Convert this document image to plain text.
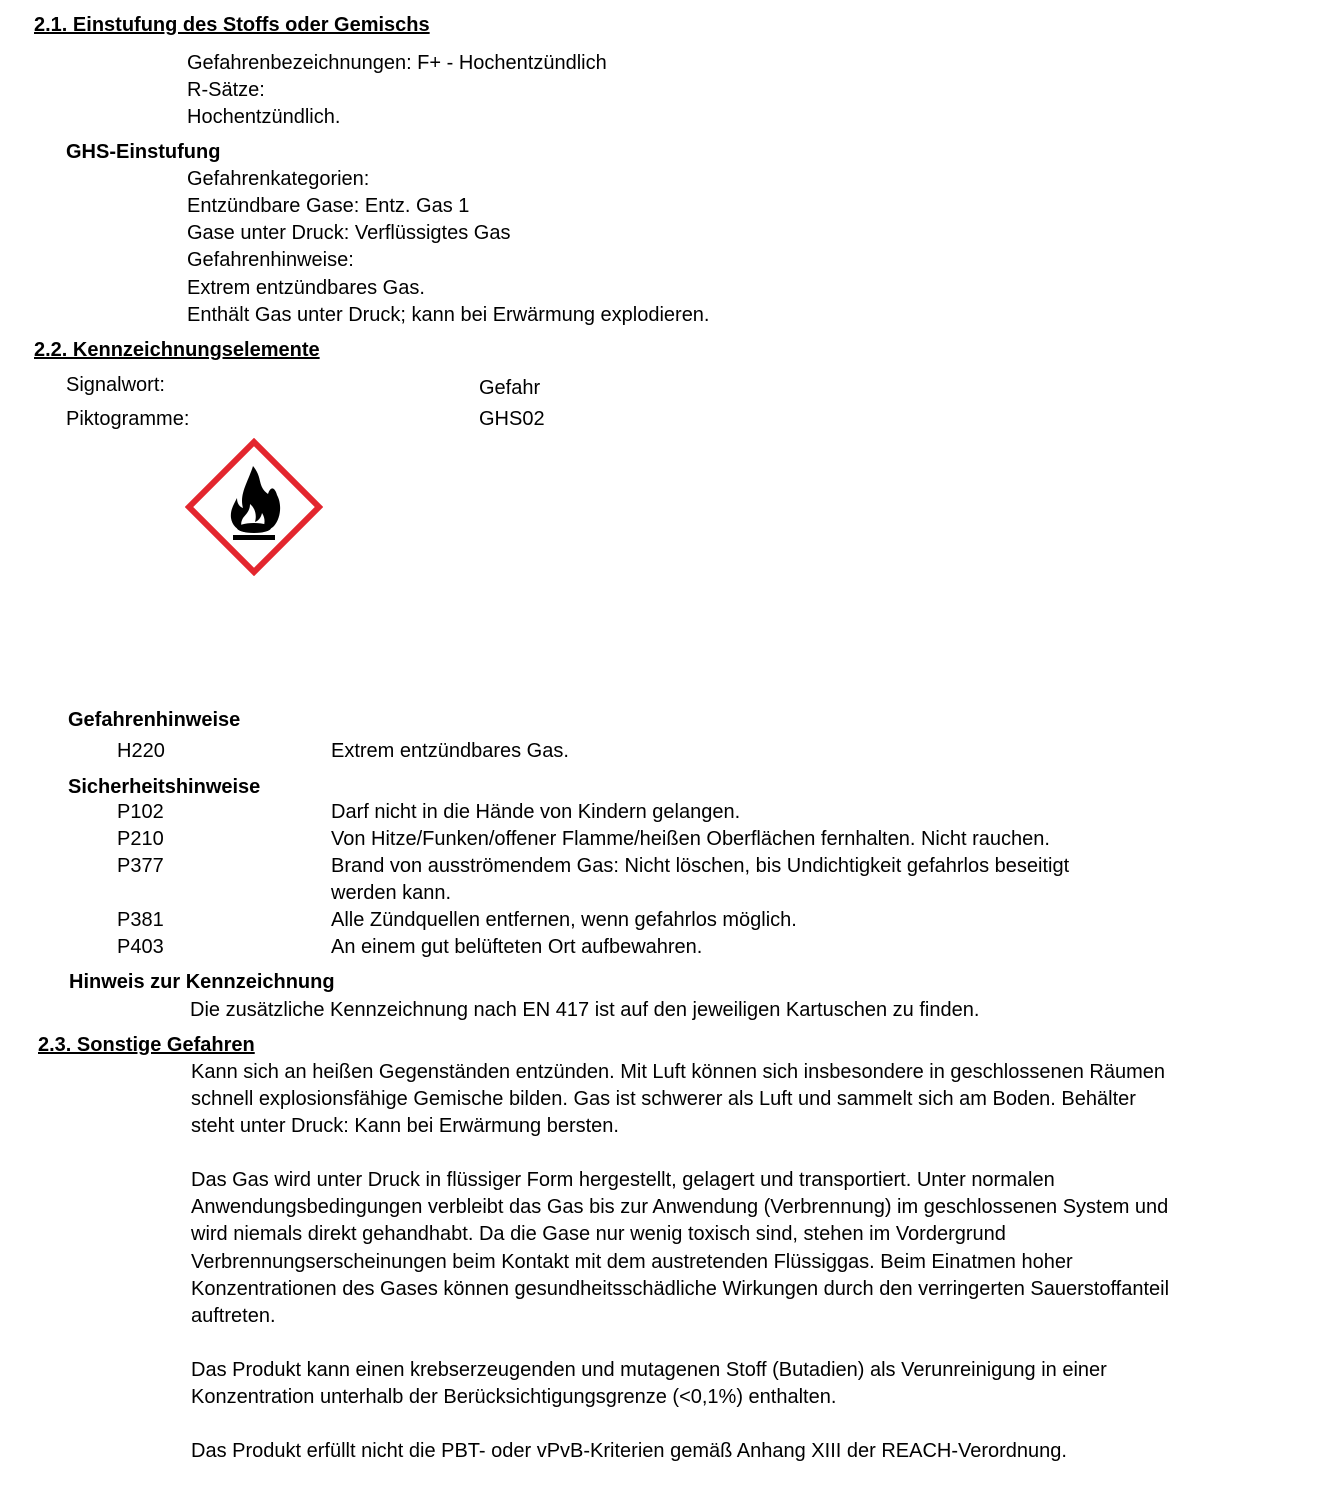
2.1. Einstufung des Stoffs oder Gemischs
Gefahrenbezeichnungen: F+ - Hochentzündlich
R-Sätze:
Hochentzündlich.
GHS-Einstufung
Gefahrenkategorien:
Entzündbare Gase: Entz. Gas 1
Gase unter Druck: Verflüssigtes Gas
Gefahrenhinweise:
Extrem entzündbares Gas.
Enthält Gas unter Druck; kann bei Erwärmung explodieren.
2.2. Kennzeichnungselemente
Signalwort:	Gefahr
Piktogramme:	GHS02
Gefahrenhinweise
H220	Extrem entzündbares Gas.
Sicherheitshinweise
P102	Darf nicht in die Hände von Kindern gelangen.
P210	Von Hitze/Funken/offener Flamme/heißen Oberflächen fernhalten. Nicht rauchen.
P377	Brand von ausströmendem Gas: Nicht löschen, bis Undichtigkeit gefahrlos beseitigt
werden kann.
P381	Alle Zündquellen entfernen, wenn gefahrlos möglich.
P403	An einem gut belüfteten Ort aufbewahren.
Hinweis zur Kennzeichnung
Die zusätzliche Kennzeichnung nach EN 417 ist auf den jeweiligen Kartuschen zu finden.
2.3. Sonstige Gefahren
Kann sich an heißen Gegenständen entzünden. Mit Luft können sich insbesondere in geschlossenen Räumen schnell explosionsfähige Gemische bilden. Gas ist schwerer als Luft und sammelt sich am Boden. Behälter steht unter Druck: Kann bei Erwärmung bersten.
Das Gas wird unter Druck in flüssiger Form hergestellt, gelagert und transportiert. Unter normalen Anwendungsbedingungen verbleibt das Gas bis zur Anwendung (Verbrennung) im geschlossenen System und wird niemals direkt gehandhabt. Da die Gase nur wenig toxisch sind, stehen im Vordergrund Verbrennungserscheinungen beim Kontakt mit dem austretenden Flüssiggas. Beim Einatmen hoher Konzentrationen des Gases können gesundheitsschädliche Wirkungen durch den verringerten Sauerstoffanteil auftreten.
Das Produkt kann einen krebserzeugenden und mutagenen Stoff (Butadien) als Verunreinigung in einer Konzentration unterhalb der Berücksichtigungsgrenze (<0,1%) enthalten.
Das Produkt erfüllt nicht die PBT- oder vPvB-Kriterien gemäß Anhang XIII der REACH-Verordnung.
